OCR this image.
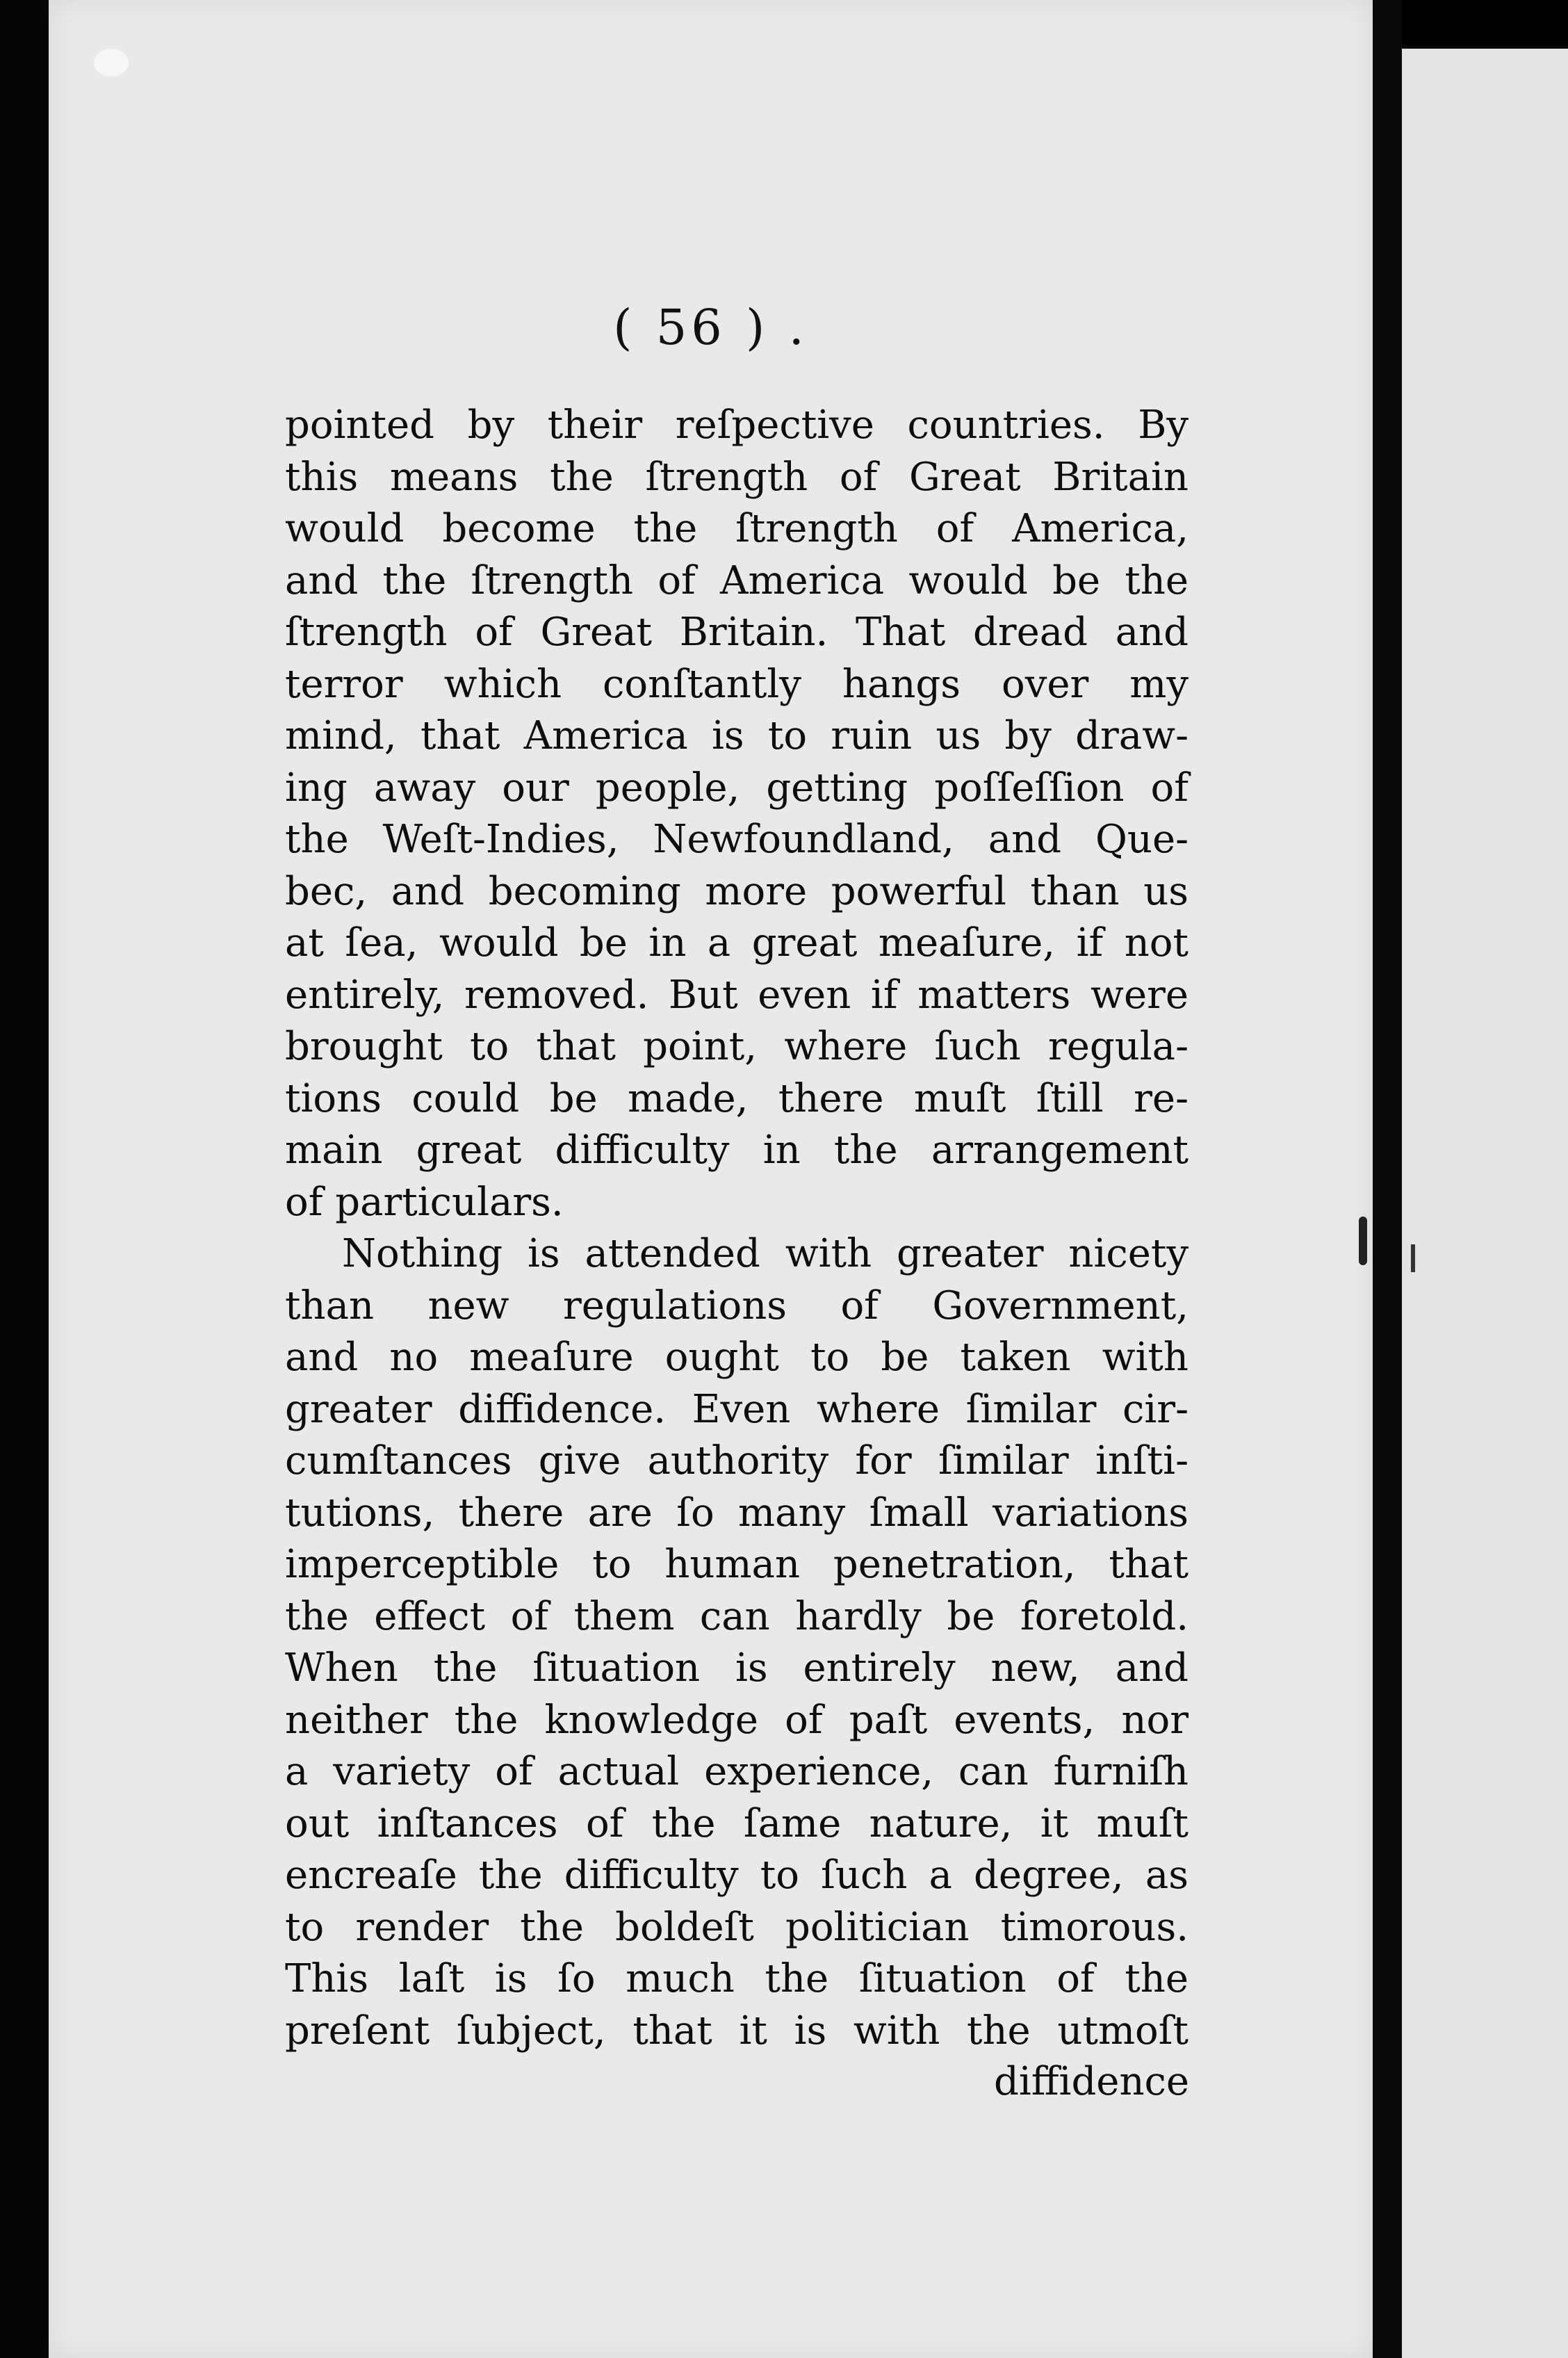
( 56 ) .
pointed by their reſpective countries. By
this means the ſtrength of Great Britain
would become the ſtrength of America,
and the ſtrength of America would be the
ſtrength of Great Britain. That dread and
terror which conſtantly hangs over my
mind, that America is to ruin us by draw-
ing away our people, getting poſſeſſion of
the Weſt-Indies, Newfoundland, and Que-
bec, and becoming more powerful than us
at ſea, would be in a great meaſure, if not
entirely, removed. But even if matters were
brought to that point, where ſuch regula-
tions could be made, there muſt ſtill re-
main great difficulty in the arrangement
of particulars.
Nothing is attended with greater nicety
than new regulations of Government,
and no meaſure ought to be taken with
greater diffidence. Even where ſimilar cir-
cumſtances give authority for ſimilar inſti-
tutions, there are ſo many ſmall variations
imperceptible to human penetration, that
the effect of them can hardly be foretold.
When the ſituation is entirely new, and
neither the knowledge of paſt events, nor
a variety of actual experience, can furniſh
out inſtances of the ſame nature, it muſt
encreaſe the difficulty to ſuch a degree, as
to render the boldeſt politician timorous.
This laſt is ſo much the ſituation of the
preſent ſubject, that it is with the utmoſt
diffidence
